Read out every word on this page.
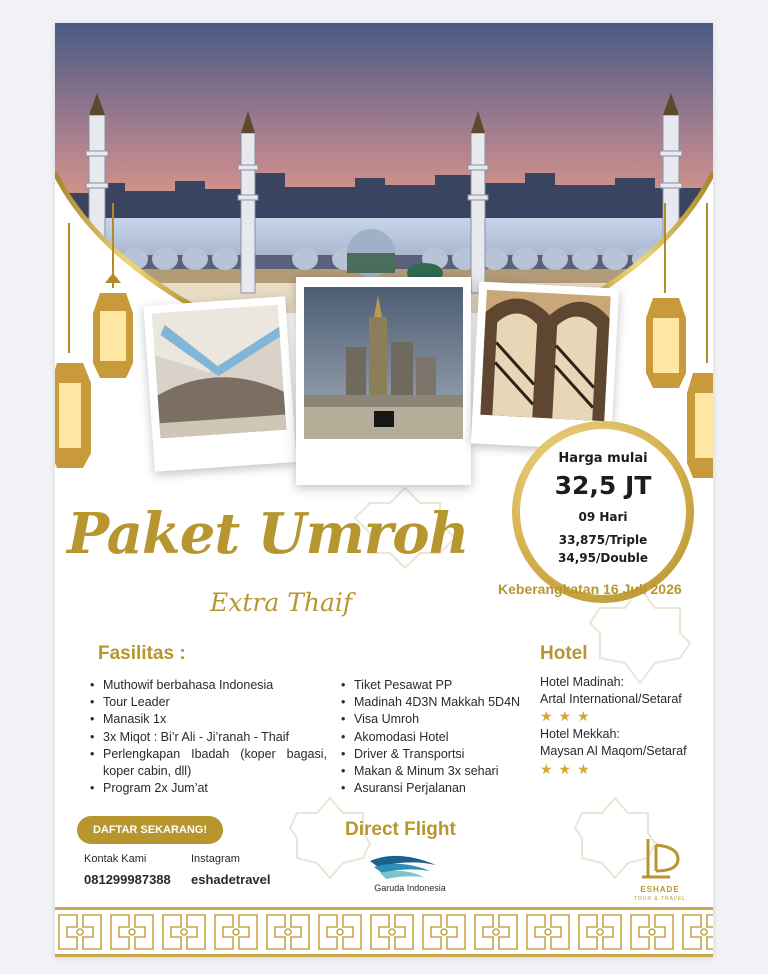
Harga mulai
32,5 JT
09 Hari
33,875/Triple
34,95/Double
Paket Umroh
Extra Thaif	Keberangkatan 16 Juli 2026
Fasilitas :
• Muthowif berbahasa Indonesia
• Tour Leader
• Manasik 1x
• 3x Miqot : Bi’r Ali - Ji’ranah - Thaif
• Perlengkapan Ibadah (koper bagasi, koper cabin, dll)
• Program 2x Jum’at
• Tiket Pesawat PP
• Madinah 4D3N Makkah 5D4N
• Visa Umroh
• Akomodasi Hotel
• Driver & Transportsi
• Makan & Minum 3x sehari
• Asuransi Perjalanan
Hotel
Hotel Madinah:
Artal International/Setaraf
★★★
Hotel Mekkah:
Maysan Al Maqom/Setaraf
★★★
DAFTAR SEKARANG!
Kontak Kami
081299987388
Instagram
eshadetravel
Direct Flight
Garuda Indonesia	ESHADE
TOUR & TRAVEL
